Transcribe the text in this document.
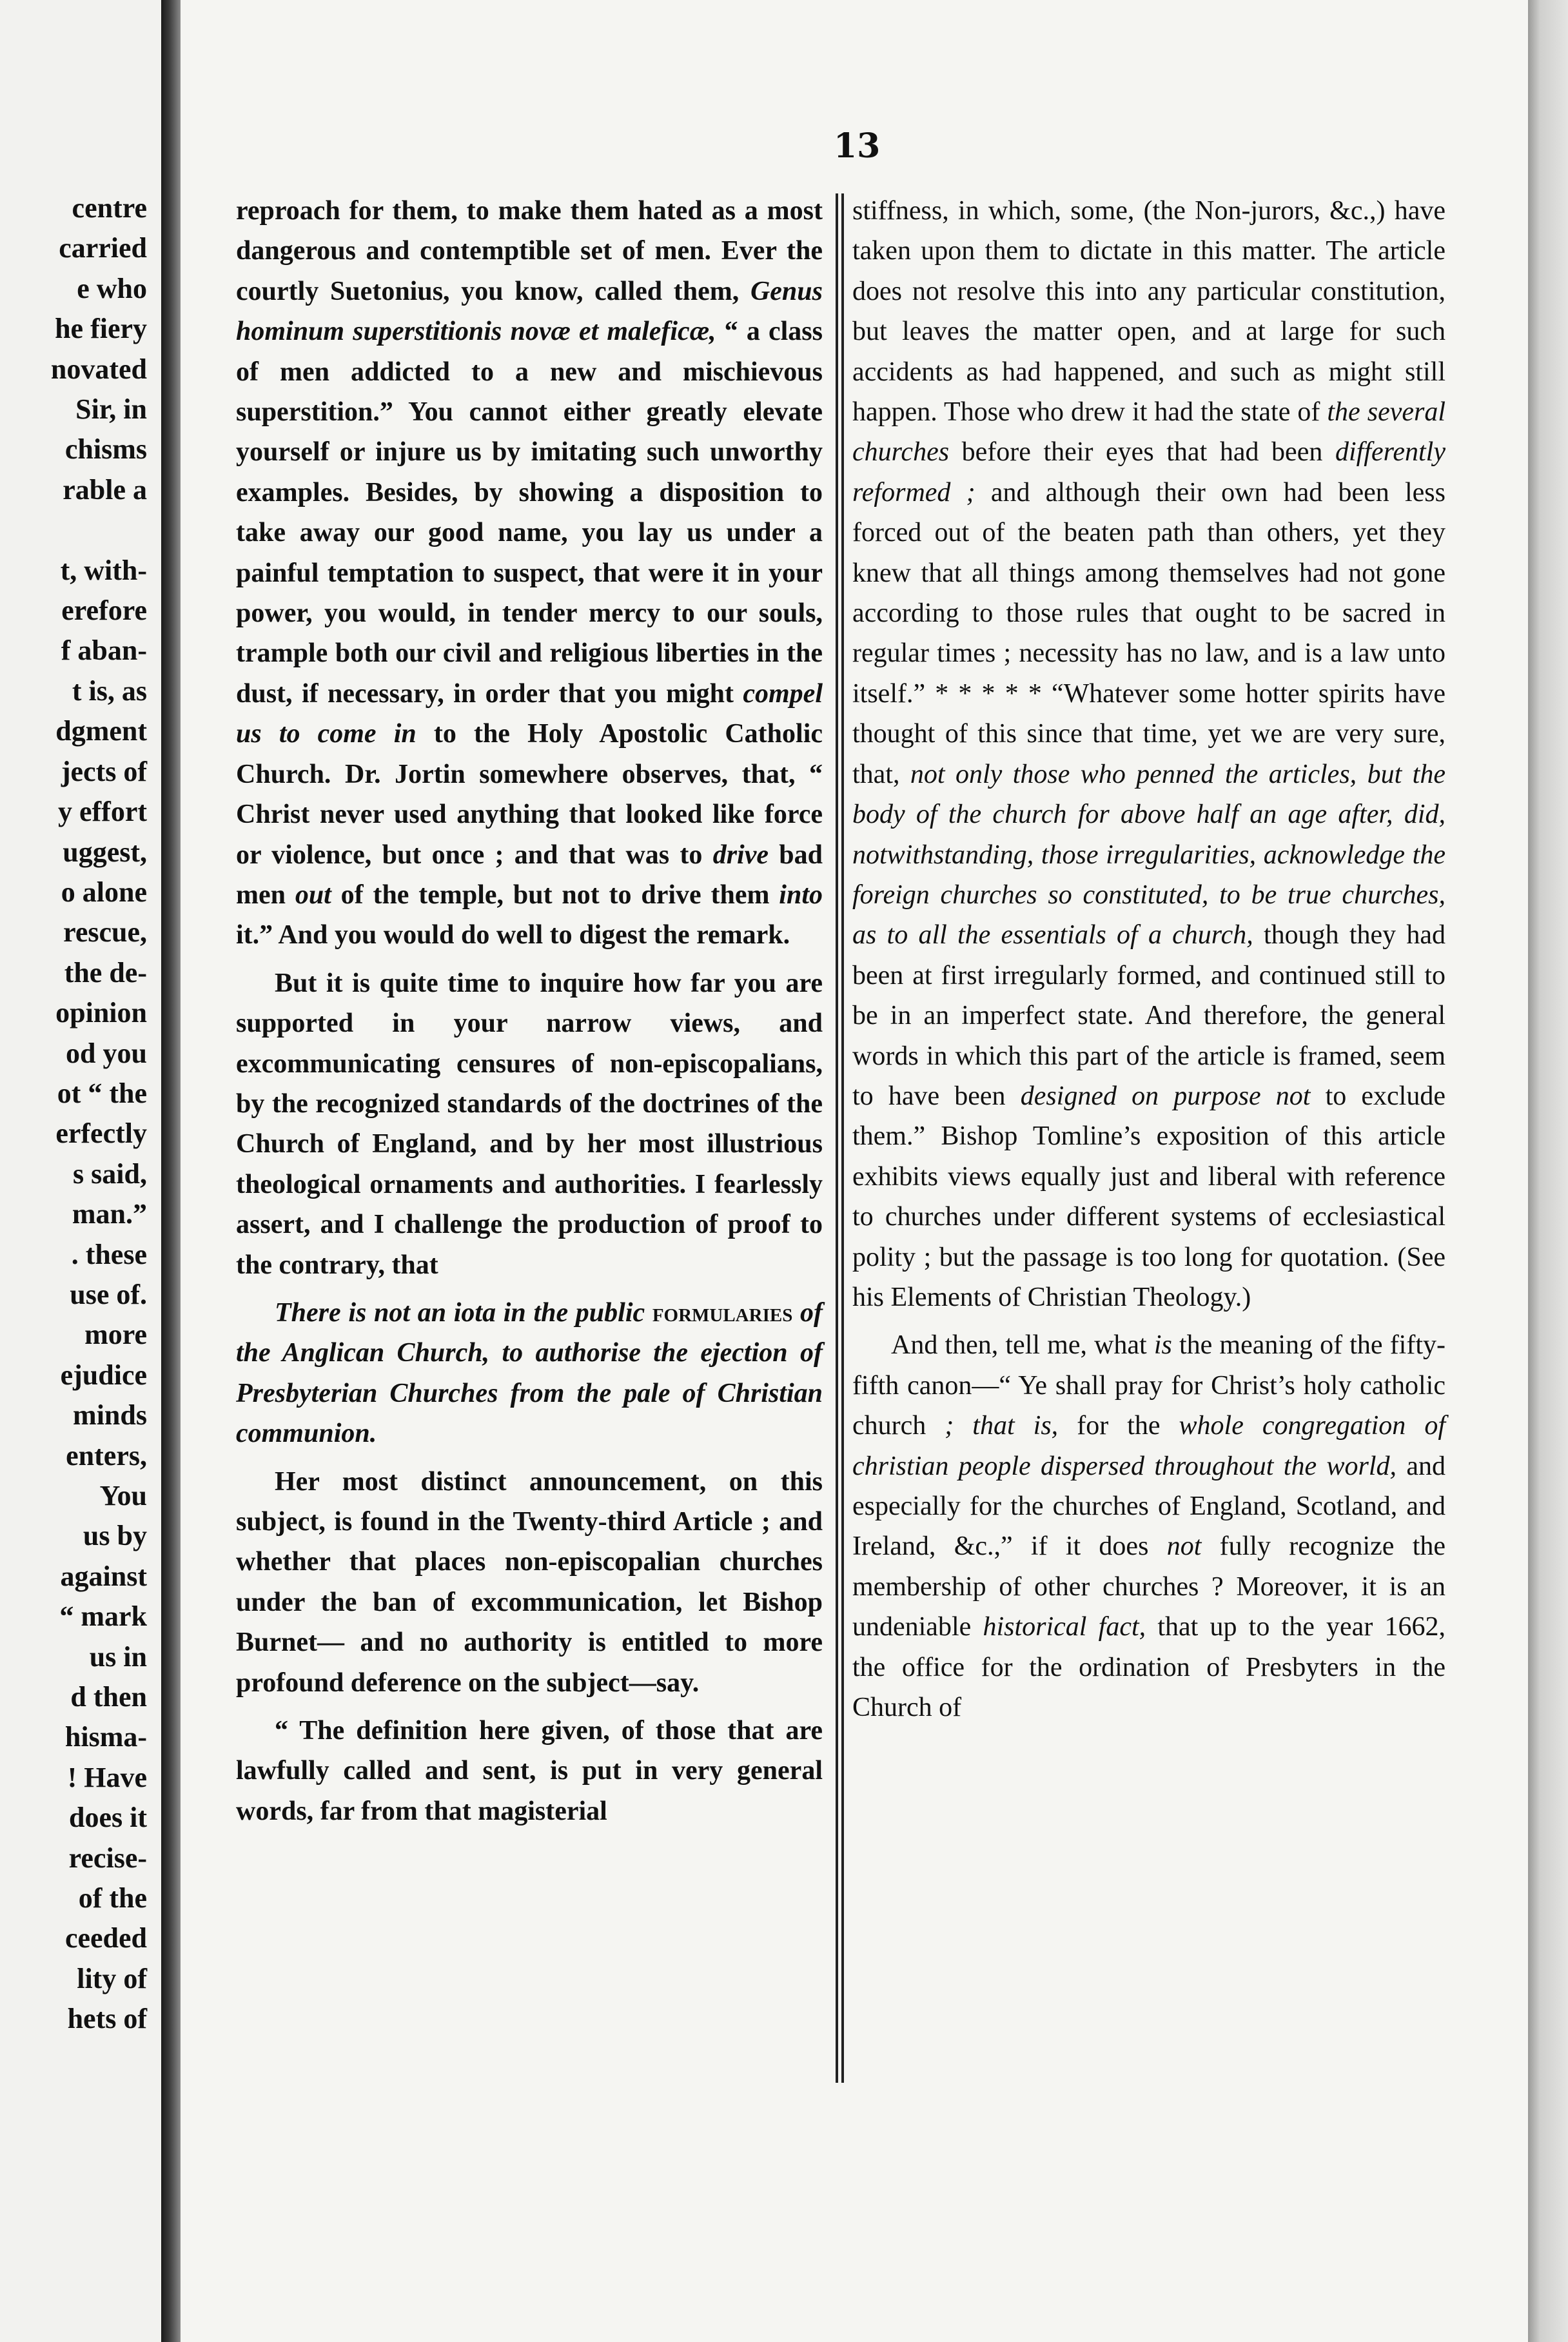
centre
carried
e who
he fiery
novated
Sir, in
chisms
rable a

t, with-
erefore
f aban-
t is, as
dgment
jects of
y effort
uggest,
o alone
rescue,
the de-
opinion
od you
ot “ the
erfectly
s said,
man.”
. these
use of.
more
ejudice
minds
enters,
You
us by
against
“ mark
us in
d then
hisma-
! Have
does it
recise-
of the
ceeded
lity of
hets of
13

reproach for them, to make them hated as a most dangerous and contemptible set of men. Ever the courtly Suetonius, you know, called them, Genus hominum superstitionis novæ et maleficæ, “ a class of men addicted to a new and mischievous superstition.” You cannot either greatly elevate yourself or injure us by imitating such unworthy examples. Besides, by showing a disposition to take away our good name, you lay us under a painful temptation to suspect, that were it in your power, you would, in tender mercy to our souls, trample both our civil and religious liberties in the dust, if necessary, in order that you might compel us to come in to the Holy Apostolic Catholic Church. Dr. Jortin somewhere observes, that, “ Christ never used anything that looked like force or violence, but once ; and that was to drive bad men out of the temple, but not to drive them into it.” And you would do well to digest the remark.

But it is quite time to inquire how far you are supported in your narrow views, and excommunicating censures of non-episcopalians, by the recognized standards of the doctrines of the Church of England, and by her most illustrious theological ornaments and authorities. I fearlessly assert, and I challenge the production of proof to the contrary, that

There is not an iota in the public formularies of the Anglican Church, to authorise the ejection of Presbyterian Churches from the pale of Christian communion.

Her most distinct announcement, on this subject, is found in the Twenty-third Article ; and whether that places non-episcopalian churches under the ban of excommunication, let Bishop Burnet— and no authority is entitled to more profound deference on the subject—say.

“ The definition here given, of those that are lawfully called and sent, is put in very general words, far from that magisterial

stiffness, in which, some, (the Non-jurors, &c.,) have taken upon them to dictate in this matter. The article does not resolve this into any particular constitution, but leaves the matter open, and at large for such accidents as had happened, and such as might still happen. Those who drew it had the state of the several churches before their eyes that had been differently reformed ; and although their own had been less forced out of the beaten path than others, yet they knew that all things among themselves had not gone according to those rules that ought to be sacred in regular times ; necessity has no law, and is a law unto itself.” * * * * * “Whatever some hotter spirits have thought of this since that time, yet we are very sure, that, not only those who penned the articles, but the body of the church for above half an age after, did, notwithstanding, those irregularities, acknowledge the foreign churches so constituted, to be true churches, as to all the essentials of a church, though they had been at first irregularly formed, and continued still to be in an imperfect state. And therefore, the general words in which this part of the article is framed, seem to have been designed on purpose not to exclude them.” Bishop Tomline’s exposition of this article exhibits views equally just and liberal with reference to churches under different systems of ecclesiastical polity ; but the passage is too long for quotation. (See his Elements of Christian Theology.)

And then, tell me, what is the meaning of the fifty-fifth canon—“ Ye shall pray for Christ’s holy catholic church ; that is, for the whole congregation of christian people dispersed throughout the world, and especially for the churches of England, Scotland, and Ireland, &c.,” if it does not fully recognize the membership of other churches ? Moreover, it is an undeniable historical fact, that up to the year 1662, the office for the ordination of Presbyters in the Church of
